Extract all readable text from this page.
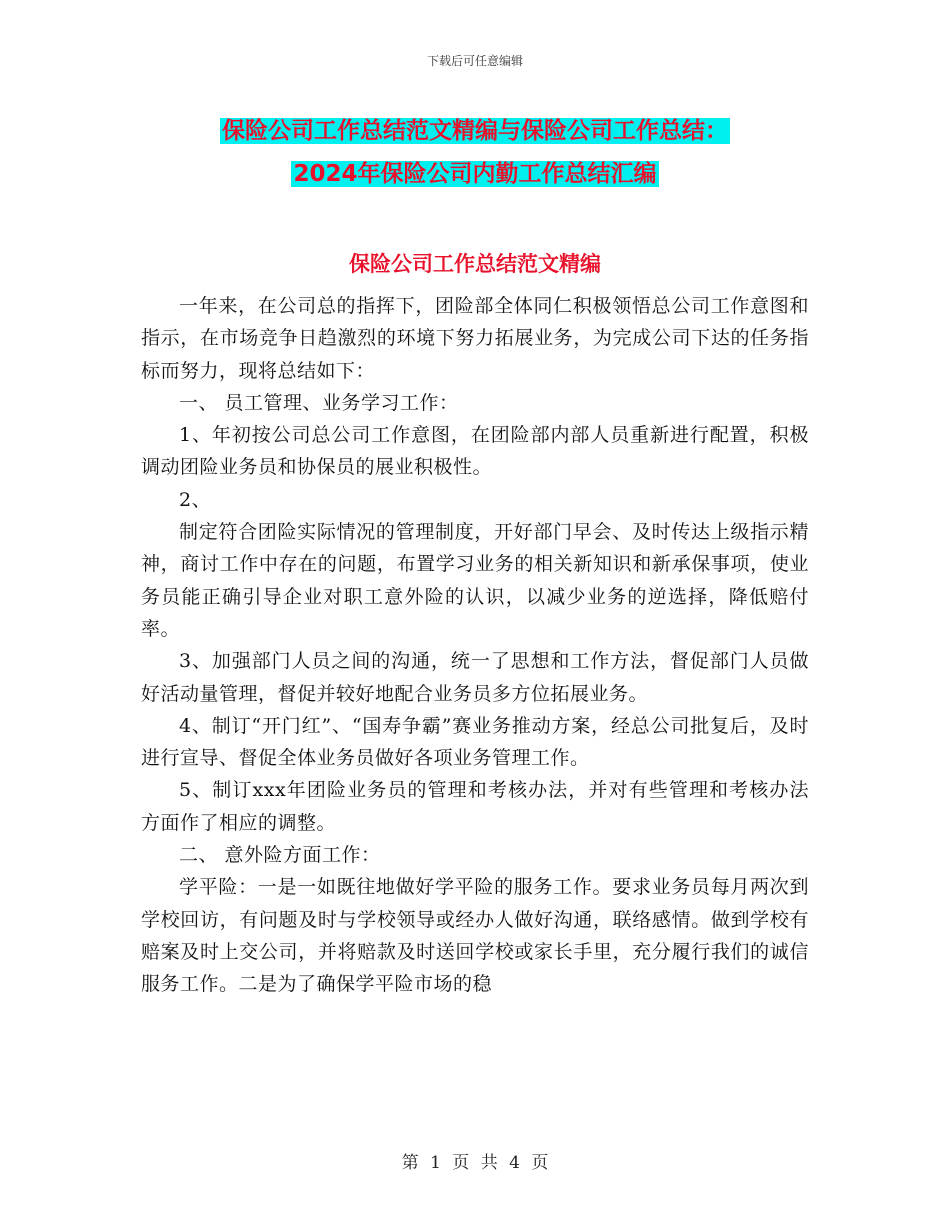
下载后可任意编辑
保险公司工作总结范文精编与保险公司工作总结：
2024年保险公司内勤工作总结汇编
保险公司工作总结范文精编

一年来，在公司总的指挥下，团险部全体同仁积极领悟总公司工作意图和指示，在市场竞争日趋激烈的环境下努力拓展业务，为完成公司下达的任务指标而努力，现将总结如下：

一、 员工管理、业务学习工作：

1、年初按公司总公司工作意图，在团险部内部人员重新进行配置，积极调动团险业务员和协保员的展业积极性。

2、

制定符合团险实际情况的管理制度，开好部门早会、及时传达上级指示精神，商讨工作中存在的问题，布置学习业务的相关新知识和新承保事项，使业务员能正确引导企业对职工意外险的认识，以减少业务的逆选择，降低赔付率。

3、加强部门人员之间的沟通，统一了思想和工作方法，督促部门人员做好活动量管理，督促并较好地配合业务员多方位拓展业务。

4、制订“开门红”、“国寿争霸”赛业务推动方案，经总公司批复后，及时进行宣导、督促全体业务员做好各项业务管理工作。

5、制订xxx年团险业务员的管理和考核办法，并对有些管理和考核办法方面作了相应的调整。

二、 意外险方面工作：

学平险：一是一如既往地做好学平险的服务工作。要求业务员每月两次到学校回访，有问题及时与学校领导或经办人做好沟通，联络感情。做到学校有赔案及时上交公司，并将赔款及时送回学校或家长手里，充分履行我们的诚信服务工作。二是为了确保学平险市场的稳

第 1 页 共 4 页
